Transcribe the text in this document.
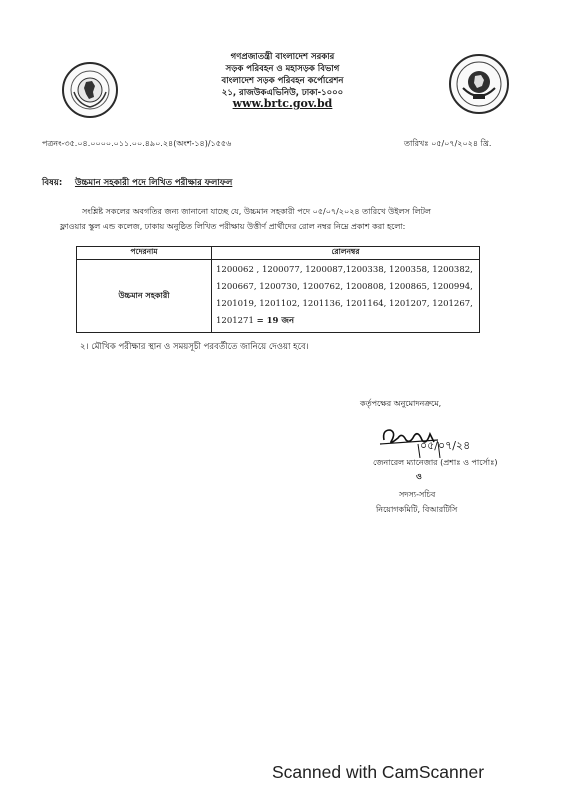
গণপ্রজাতন্ত্রী বাংলাদেশ সরকার
সড়ক পরিবহন ও মহাসড়ক বিভাগ
বাংলাদেশ সড়ক পরিবহন কর্পোরেশন
২১, রাজউকএভিনিউ, ঢাকা-১০০০
www.brtc.gov.bd
পত্রনং-৩৫.০৪.০০০০.০১১.০০.৪৯০.২৪(অংশ-১৪)/১৫৫৬	তারিখঃ ০৫/০৭/২০২৪ খ্রি.
বিষয়: উচ্চমান সহকারী পদে লিখিত পরীক্ষার ফলাফল
সংশ্লিষ্ট সকলের অবগতির জন্য জানানো যাচ্ছে যে, উচ্চমান সহকারী পদে ০৫/০৭/২০২৪ তারিখে উইলস লিটল
ফ্লাওয়ার স্কুল এন্ড কলেজ, ঢাকায় অনুষ্ঠিত লিখিত পরীক্ষায় উত্তীর্ণ প্রার্থীদের রোল নম্বর নিম্নে প্রকাশ করা হলো:
পদেরনাম	রোলনম্বর
উচ্চমান সহকারী	1200062 , 1200077, 1200087,1200338, 1200358, 1200382,
1200667, 1200730, 1200762, 1200808, 1200865, 1200994,
1201019, 1201102, 1201136, 1201164, 1201207, 1201267,
1201271 = 19 জন
২। মৌখিক পরীক্ষার স্থান ও সময়সূচী পরবর্তীতে জানিয়ে দেওয়া হবে।
কর্তৃপক্ষের অনুমোদনক্রমে,
০৫/০৭/২৪
জেনারেল ম্যানেজার (প্রশাঃ ও পার্সোঃ)
ও
সদস্য-সচিব
নিয়োগকমিটি, বিআরটিসি
Scanned with CamScanner
